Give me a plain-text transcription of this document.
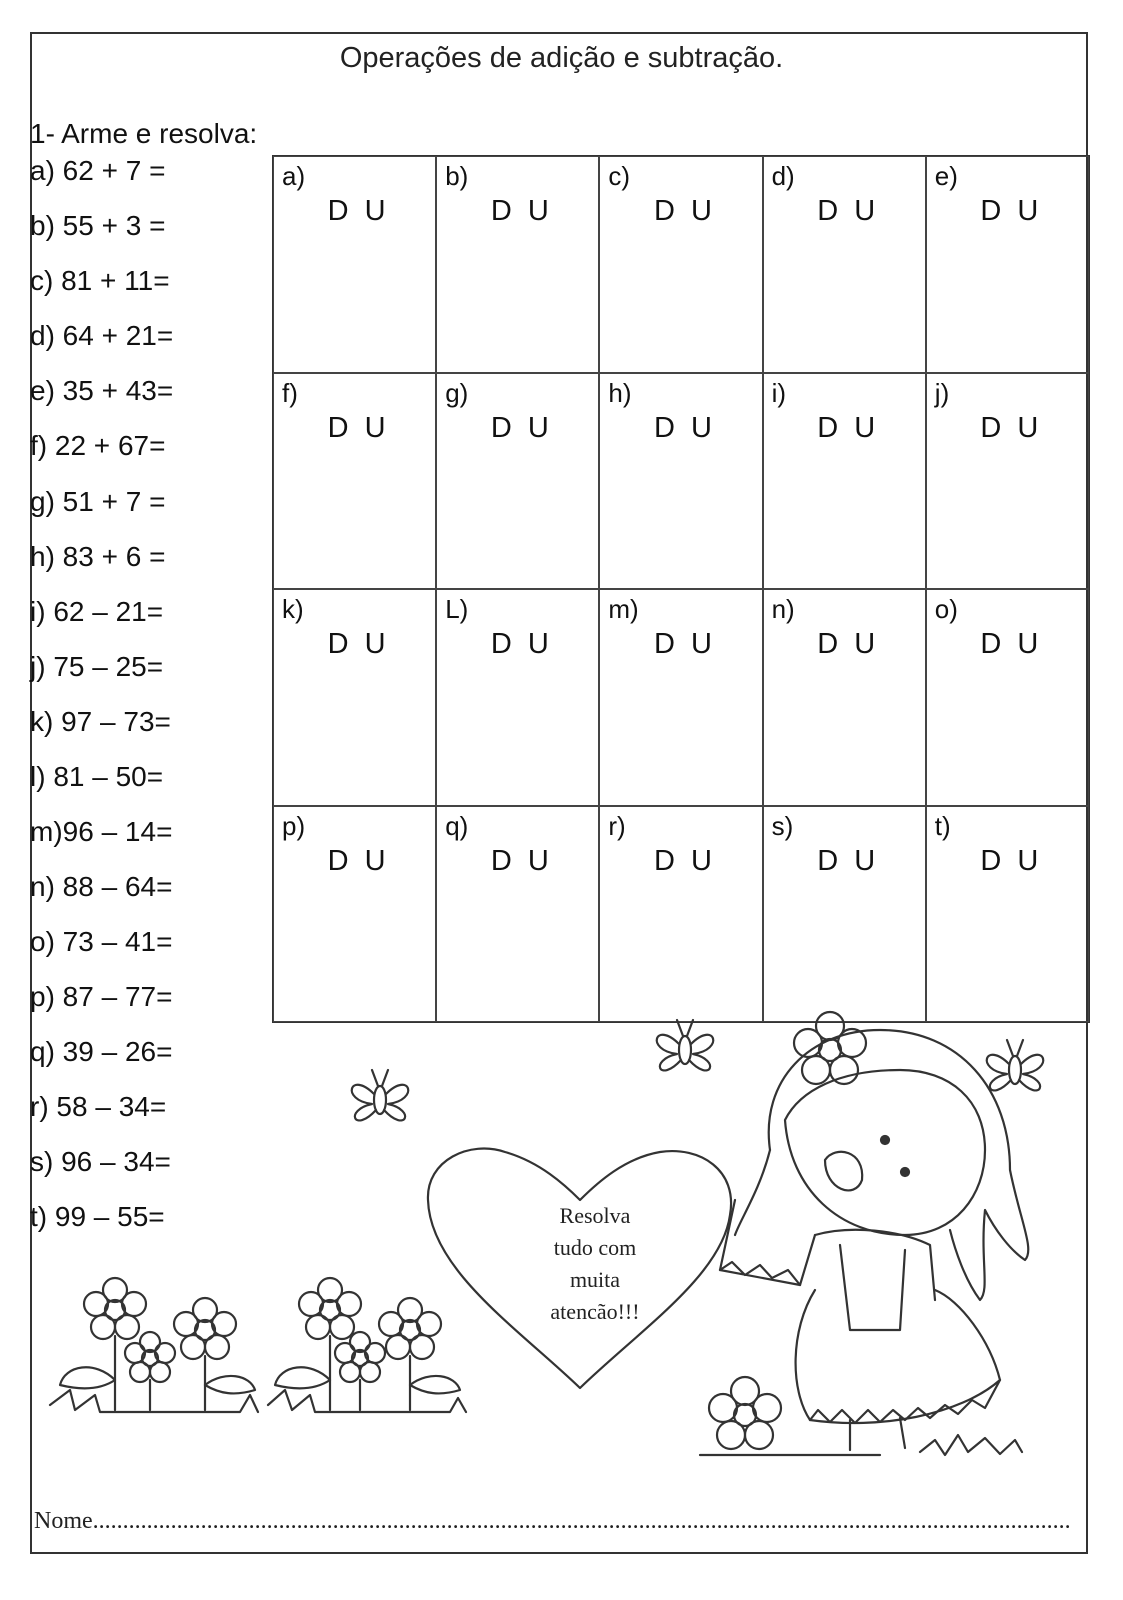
Operações de adição e subtração.
1- Arme e resolva:
a) 62 + 7 =
b) 55 + 3 =
c) 81 + 11=
d) 64 + 21=
e) 35 + 43=
f) 22 + 67=
g) 51 + 7 =
h) 83 + 6 =
i) 62 – 21=
j) 75 – 25=
k) 97 – 73=
l) 81 – 50=
m)96 – 14=
n) 88 – 64=
o) 73 – 41=
p) 87 – 77=
q) 39 – 26=
r) 58 – 34=
s) 96 – 34=
t) 99 – 55=
a)
D U
b)
D U
c)
D U
d)
D U
e)
D U
f)
D U
g)
D U
h)
D U
i)
D U
j)
D U
k)
D U
L)
D U
m)
D U
n)
D U
o)
D U
p)
D U
q)
D U
r)
D U
s)
D U
t)
D U
Resolva
tudo com
muita
atencão!!!
Nome...................................................................................................................................................................
